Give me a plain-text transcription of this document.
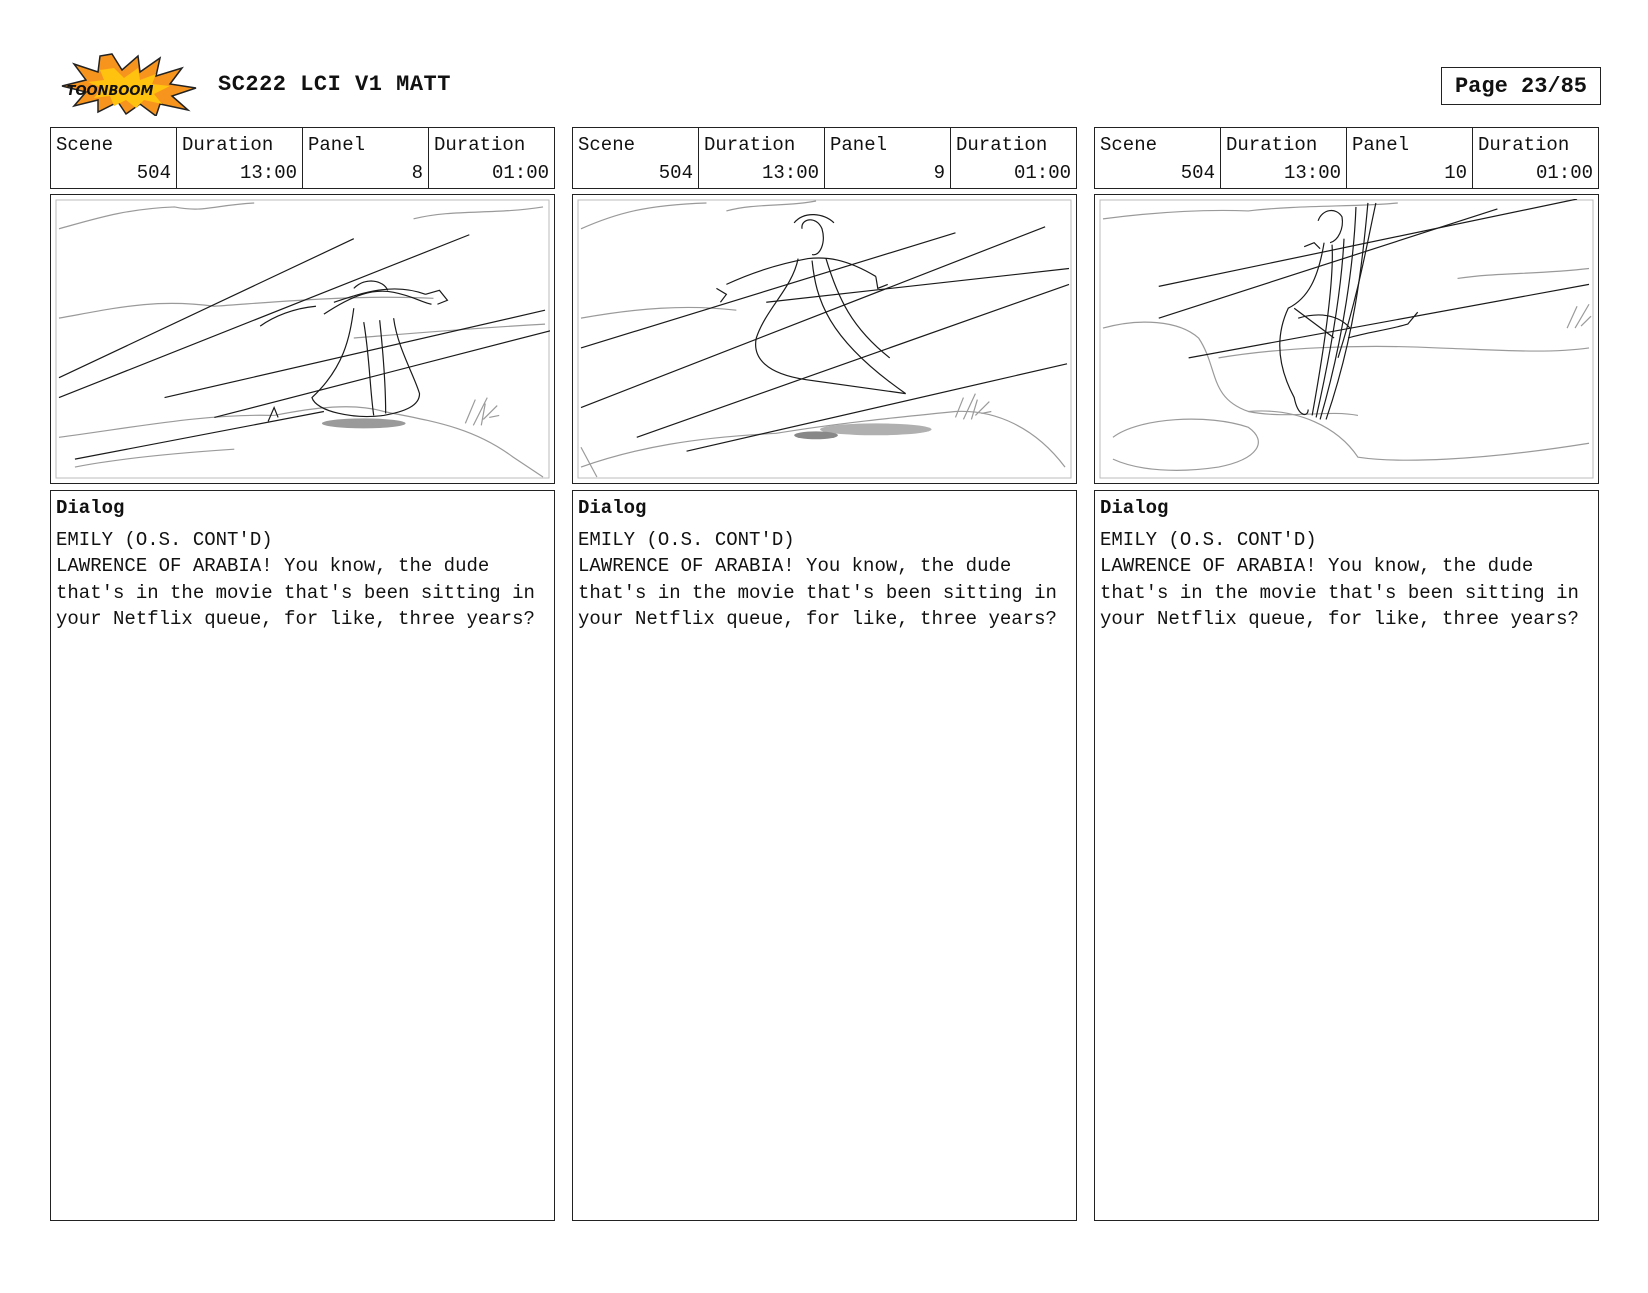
TOONBOOM	SC222 LCI V1 MATT	Page 23/85
Scene
504
Duration
13:00
Panel
8
Duration
01:00
Dialog
EMILY (O.S. CONT'D)
LAWRENCE OF ARABIA! You know, the dude that's in the movie that's been sitting in your Netflix queue, for like, three years?
Scene
504
Duration
13:00
Panel
9
Duration
01:00
Dialog
EMILY (O.S. CONT'D)
LAWRENCE OF ARABIA! You know, the dude that's in the movie that's been sitting in your Netflix queue, for like, three years?
Scene
504
Duration
13:00
Panel
10
Duration
01:00
Dialog
EMILY (O.S. CONT'D)
LAWRENCE OF ARABIA! You know, the dude that's in the movie that's been sitting in your Netflix queue, for like, three years?
